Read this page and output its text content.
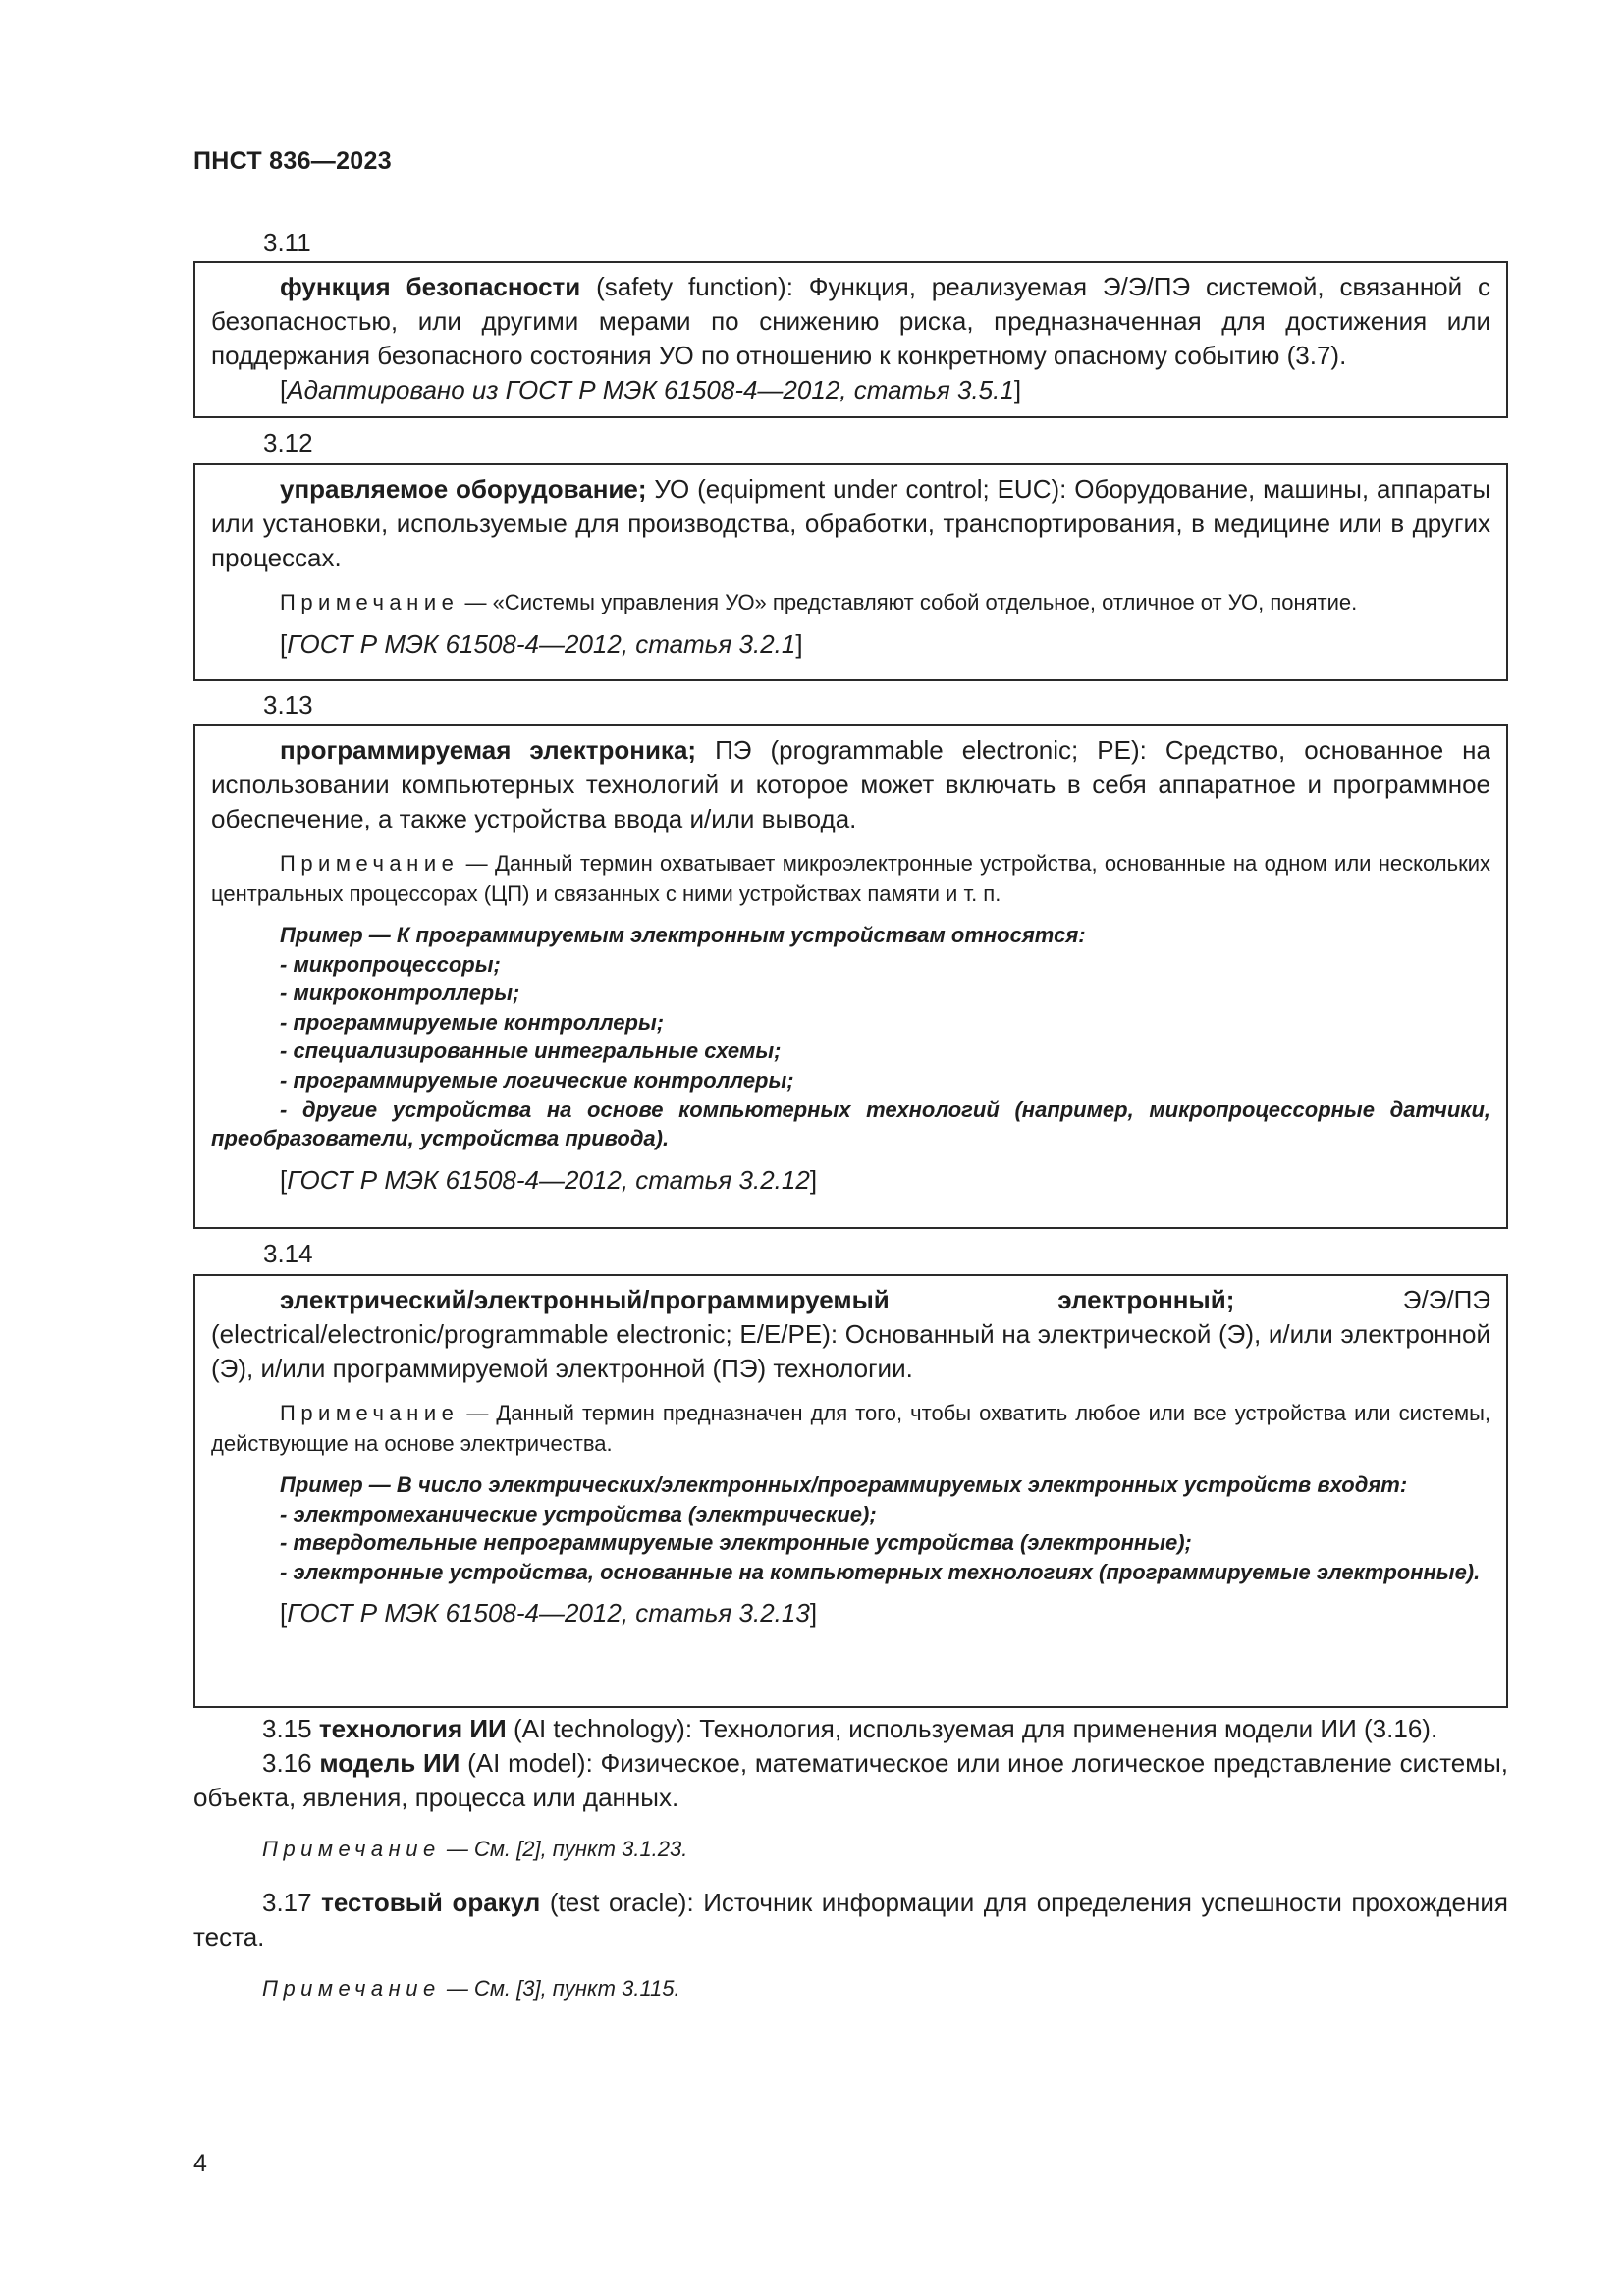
ПНСТ 836—2023
3.11

функция безопасности (safety function): Функция, реализуемая Э/Э/ПЭ системой, связанной с безопасностью, или другими мерами по снижению риска, предназначенная для достижения или поддержания безопасного состояния УО по отношению к конкретному опасному событию (3.7).

[Адаптировано из ГОСТ Р МЭК 61508-4—2012, статья 3.5.1]

3.12

управляемое оборудование; УО (equipment under control; EUC): Оборудование, машины, аппараты или установки, используемые для производства, обработки, транспортирования, в медицине или в других процессах.

Примечание — «Системы управления УО» представляют собой отдельное, отличное от УО, понятие.

[ГОСТ Р МЭК 61508-4—2012, статья 3.2.1]

3.13

программируемая электроника; ПЭ (programmable electronic; PE): Средство, основанное на использовании компьютерных технологий и которое может включать в себя аппаратное и программное обеспечение, а также устройства ввода и/или вывода.

Примечание — Данный термин охватывает микроэлектронные устройства, основанные на одном или нескольких центральных процессорах (ЦП) и связанных с ними устройствах памяти и т. п.

Пример — К программируемым электронным устройствам относятся:
- микропроцессоры;
- микроконтроллеры;
- программируемые контроллеры;
- специализированные интегральные схемы;
- программируемые логические контроллеры;
- другие устройства на основе компьютерных технологий (например, микропроцессорные датчики, преобразователи, устройства привода).

[ГОСТ Р МЭК 61508-4—2012, статья 3.2.12]

3.14

электрический/электронный/программируемый электронный; Э/Э/ПЭ (electrical/electronic/programmable electronic; E/E/PE): Основанный на электрической (Э), и/или электронной (Э), и/или программируемой электронной (ПЭ) технологии.

Примечание — Данный термин предназначен для того, чтобы охватить любое или все устройства или системы, действующие на основе электричества.

Пример — В число электрических/электронных/программируемых электронных устройств входят:
- электромеханические устройства (электрические);
- твердотельные непрограммируемые электронные устройства (электронные);
- электронные устройства, основанные на компьютерных технологиях (программируемые электронные).

[ГОСТ Р МЭК 61508-4—2012, статья 3.2.13]

3.15 технология ИИ (AI technology): Технология, используемая для применения модели ИИ (3.16).

3.16 модель ИИ (AI model): Физическое, математическое или иное логическое представление системы, объекта, явления, процесса или данных.

Примечание — См. [2], пункт 3.1.23.

3.17 тестовый оракул (test oracle): Источник информации для определения успешности прохождения теста.

Примечание — См. [3], пункт 3.115.
4
